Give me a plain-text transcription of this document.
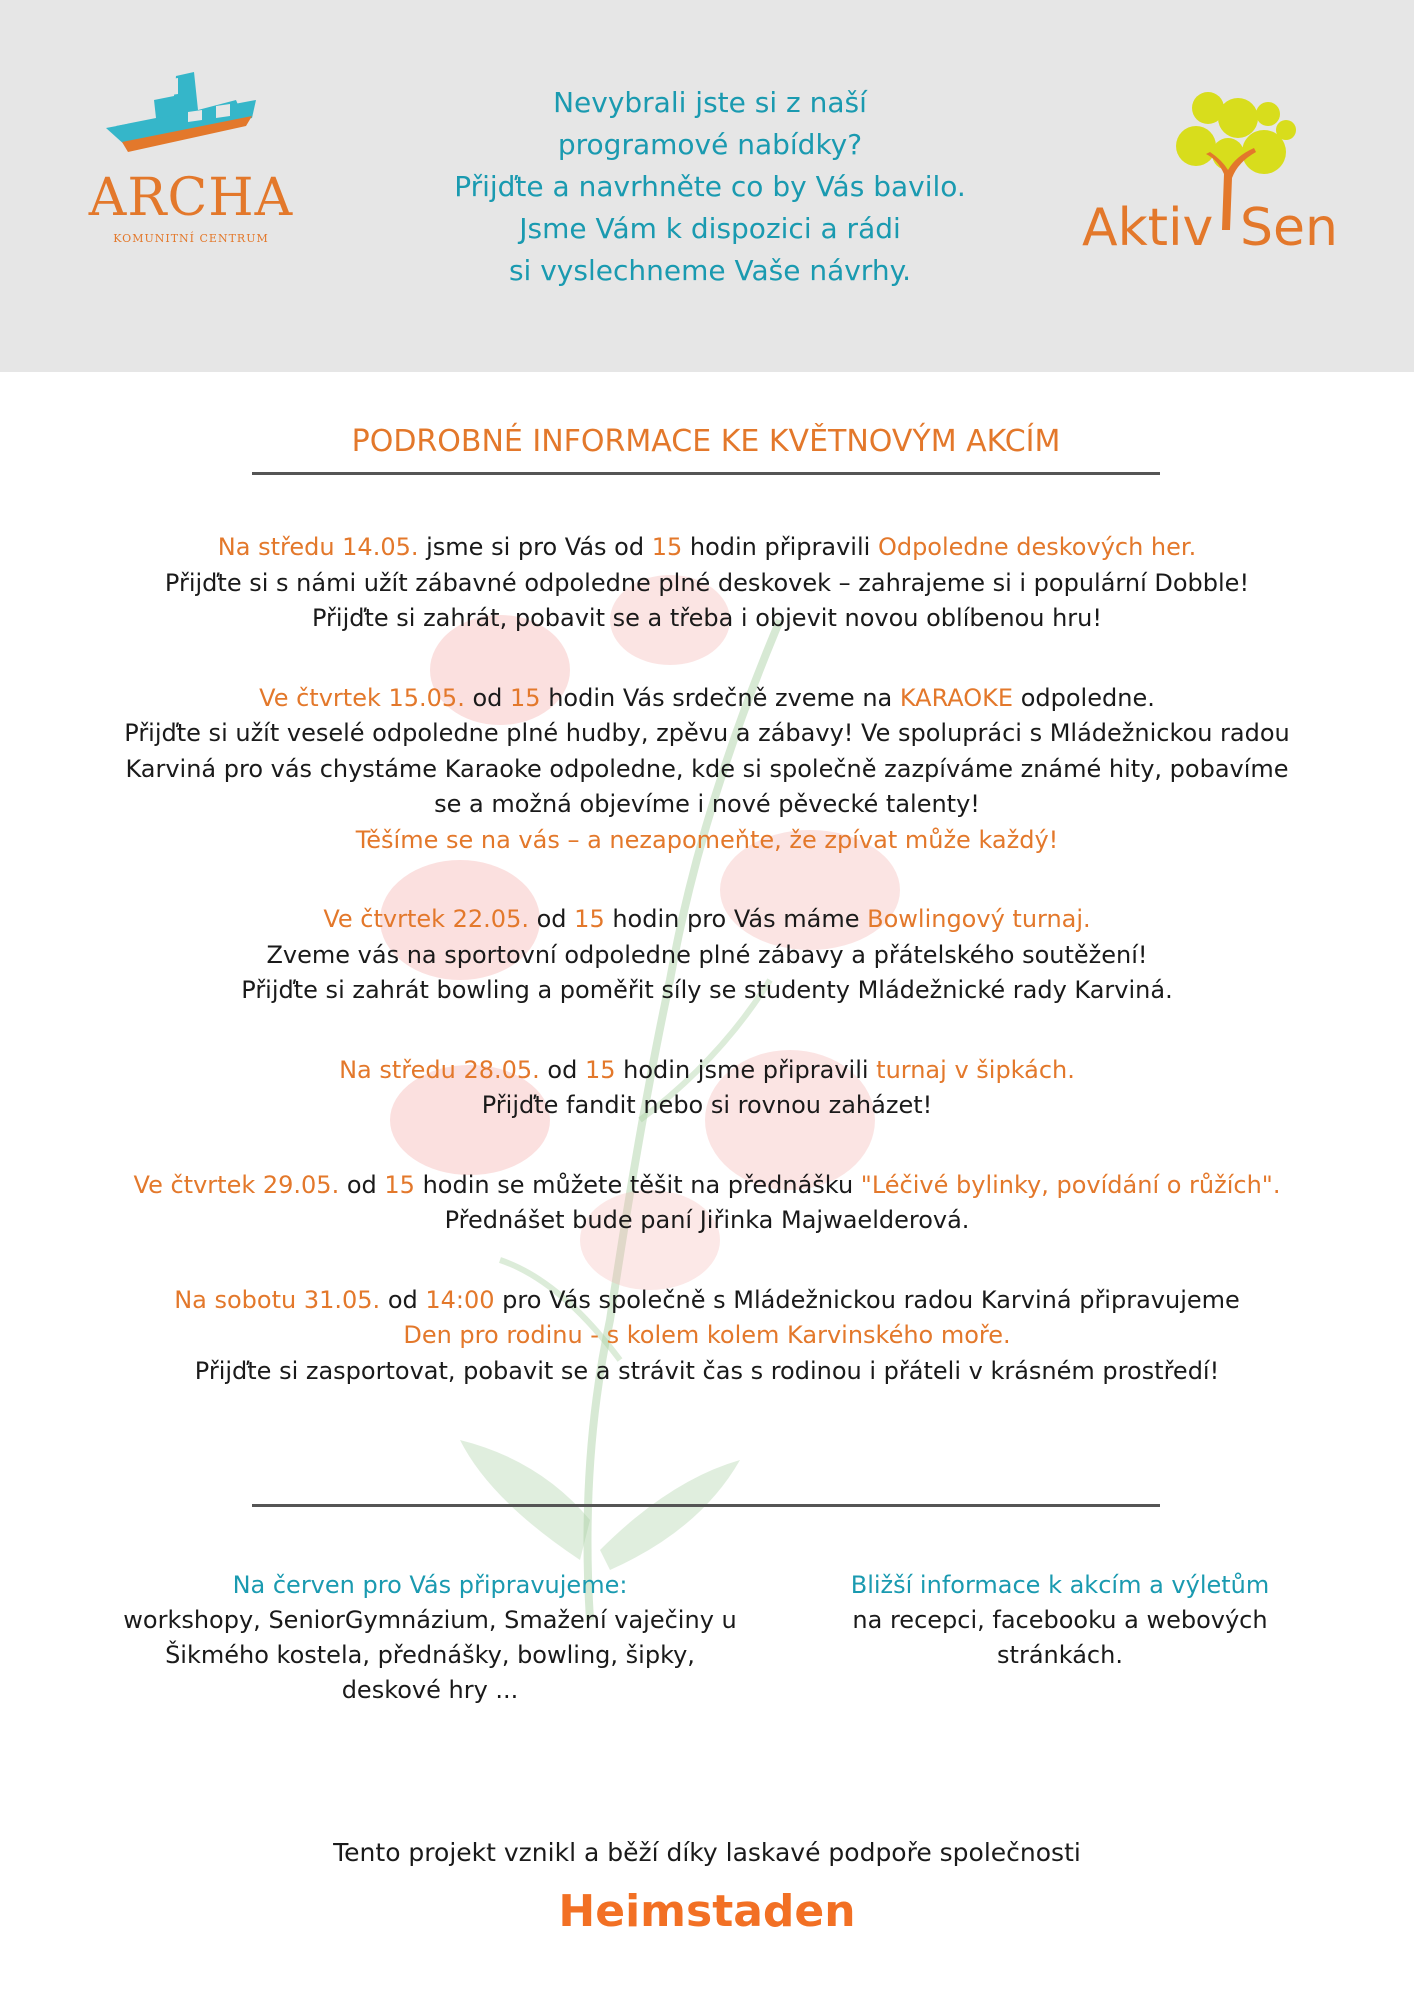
ARCHA
KOMUNITNÍ CENTRUM
Nevybrali jste si z naší
programové nabídky?
Přijďte a navrhněte co by Vás bavilo.
Jsme Vám k dispozici a rádi
si vyslechneme Vaše návrhy.
Aktiv Sen
PODROBNÉ INFORMACE KE KVĚTNOVÝM AKCÍM

Na středu 14.05. jsme si pro Vás od 15 hodin připravili Odpoledne deskových her.
Přijďte si s námi užít zábavné odpoledne plné deskovek – zahrajeme si i populární Dobble!
Přijďte si zahrát, pobavit se a třeba i objevit novou oblíbenou hru!

Ve čtvrtek 15.05. od 15 hodin Vás srdečně zveme na KARAOKE odpoledne.
Přijďte si užít veselé odpoledne plné hudby, zpěvu a zábavy! Ve spolupráci s Mládežnickou radou
Karviná pro vás chystáme Karaoke odpoledne, kde si společně zazpíváme známé hity, pobavíme
se a možná objevíme i nové pěvecké talenty!
Těšíme se na vás – a nezapomeňte, že zpívat může každý!

Ve čtvrtek 22.05. od 15 hodin pro Vás máme Bowlingový turnaj.
Zveme vás na sportovní odpoledne plné zábavy a přátelského soutěžení!
Přijďte si zahrát bowling a poměřit síly se studenty Mládežnické rady Karviná.

Na středu 28.05. od 15 hodin jsme připravili turnaj v šipkách.
Přijďte fandit nebo si rovnou zaházet!

Ve čtvrtek 29.05. od 15 hodin se můžete těšit na přednášku "Léčivé bylinky, povídání o růžích".
Přednášet bude paní Jiřinka Majwaelderová.

Na sobotu 31.05. od 14:00 pro Vás společně s Mládežnickou radou Karviná připravujeme
Den pro rodinu - s kolem kolem Karvinského moře.
Přijďte si zasportovat, pobavit se a strávit čas s rodinou i přáteli v krásném prostředí!

Na červen pro Vás připravujeme:
workshopy, SeniorGymnázium, Smažení vaječiny u
Šikmého kostela, přednášky, bowling, šipky,
deskové hry ...
Bližší informace k akcím a výletům
na recepci, facebooku a webových
stránkách.
Tento projekt vznikl a běží díky laskavé podpoře společnosti
Heimstaden
